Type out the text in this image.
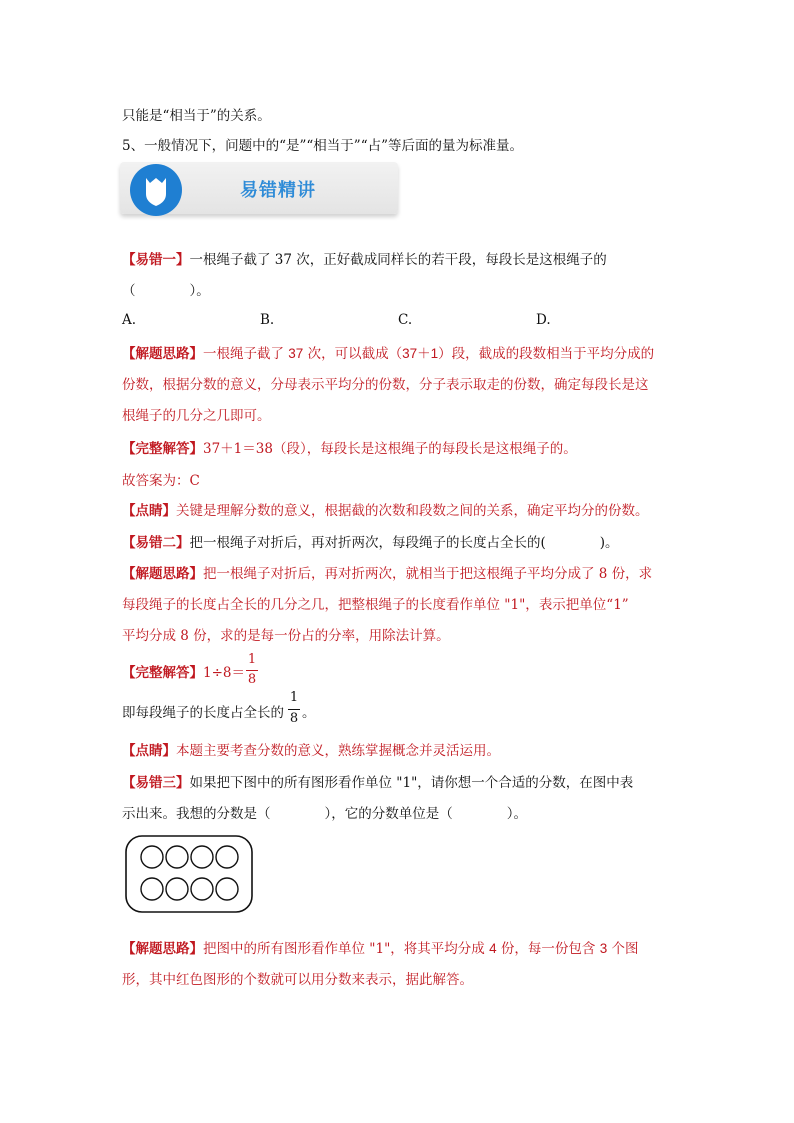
只能是“相当于”的关系。
5、一般情况下，问题中的“是”“相当于”“占”等后面的量为标准量。
易错精讲
【易错一】一根绳子截了 37 次，正好截成同样长的若干段，每段长是这根绳子的
（　　　　）。
A.	B.	C.	D.
【解题思路】一根绳子截了 37 次，可以截成（37＋1）段，截成的段数相当于平均分成的
份数，根据分数的意义，分母表示平均分的份数，分子表示取走的份数，确定每段长是这
根绳子的几分之几即可。
【完整解答】37＋1＝38（段），每段长是这根绳子的每段长是这根绳子的。
故答案为：C
【点睛】关键是理解分数的意义，根据截的次数和段数之间的关系，确定平均分的份数。
【易错二】把一根绳子对折后，再对折两次，每段绳子的长度占全长的(　　　　)。
【解题思路】把一根绳子对折后，再对折两次，就相当于把这根绳子平均分成了 8 份，求
每段绳子的长度占全长的几分之几，把整根绳子的长度看作单位 "1"，表示把单位“1”
平均分成 8 份，求的是每一份占的分率，用除法计算。
【完整解答】1÷8＝
1
8
即每段绳子的长度占全长的
1
8 。
【点睛】本题主要考查分数的意义，熟练掌握概念并灵活运用。
【易错三】如果把下图中的所有图形看作单位 "1"，请你想一个合适的分数，在图中表
示出来。我想的分数是（　　　　），它的分数单位是（　　　　）。
【解题思路】把图中的所有图形看作单位 "1"，将其平均分成 4 份，每一份包含 3 个图
形，其中红色图形的个数就可以用分数来表示，据此解答。
